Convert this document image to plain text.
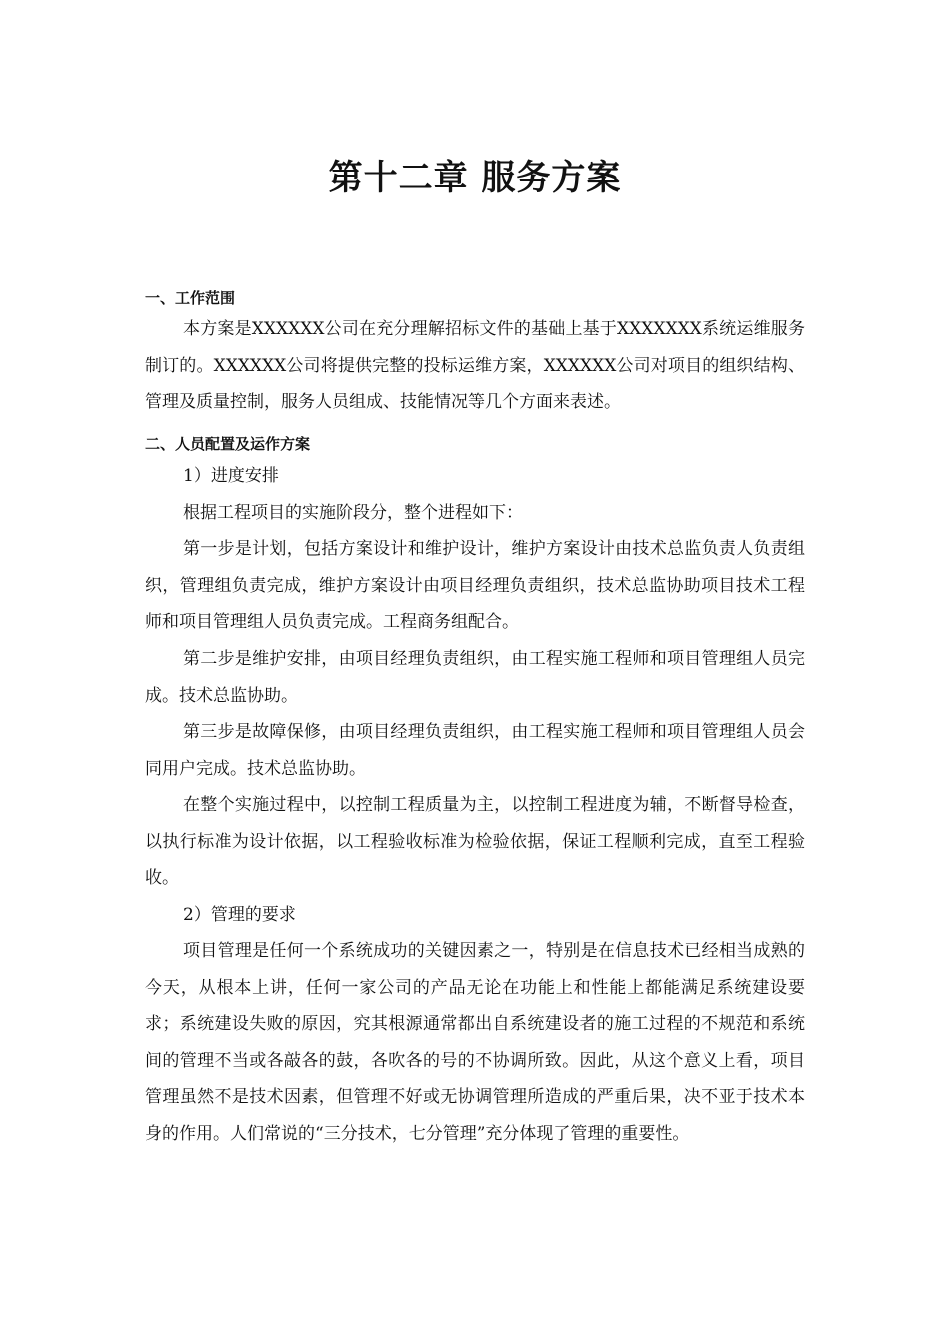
第十二章 服务方案
一、工作范围
本方案是XXXXXX公司在充分理解招标文件的基础上基于XXXXXXX系统运维服务制订的。XXXXXX公司将提供完整的投标运维方案，XXXXXX公司对项目的组织结构、管理及质量控制，服务人员组成、技能情况等几个方面来表述。
二、人员配置及运作方案
1）进度安排
根据工程项目的实施阶段分，整个进程如下：
第一步是计划，包括方案设计和维护设计，维护方案设计由技术总监负责人负责组织，管理组负责完成，维护方案设计由项目经理负责组织，技术总监协助项目技术工程师和项目管理组人员负责完成。工程商务组配合。
第二步是维护安排，由项目经理负责组织，由工程实施工程师和项目管理组人员完成。技术总监协助。
第三步是故障保修，由项目经理负责组织，由工程实施工程师和项目管理组人员会同用户完成。技术总监协助。
在整个实施过程中，以控制工程质量为主，以控制工程进度为辅，不断督导检查，以执行标准为设计依据，以工程验收标准为检验依据，保证工程顺利完成，直至工程验收。
2）管理的要求
项目管理是任何一个系统成功的关键因素之一，特别是在信息技术已经相当成熟的今天，从根本上讲，任何一家公司的产品无论在功能上和性能上都能满足系统建设要求；系统建设失败的原因，究其根源通常都出自系统建设者的施工过程的不规范和系统间的管理不当或各敲各的鼓，各吹各的号的不协调所致。因此，从这个意义上看，项目管理虽然不是技术因素，但管理不好或无协调管理所造成的严重后果，决不亚于技术本身的作用。人们常说的“三分技术，七分管理”充分体现了管理的重要性。
